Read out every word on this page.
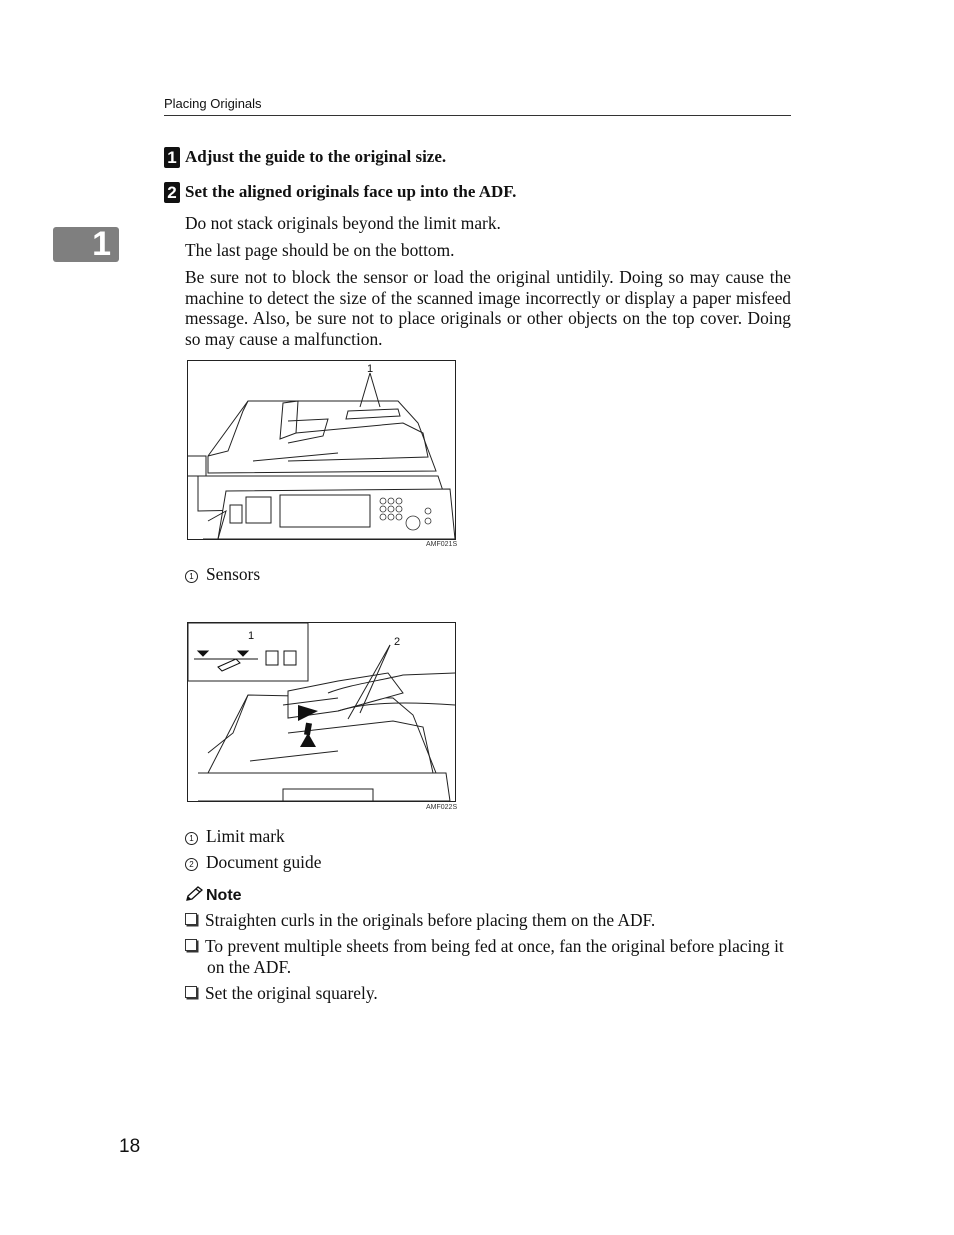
Placing Originals
1
1 Adjust the guide to the original size.
2 Set the aligned originals face up into the ADF.
Do not stack originals beyond the limit mark.
The last page should be on the bottom.
Be sure not to block the sensor or load the original untidily. Doing so may cause the machine to detect the size of the scanned image incorrectly or display a paper misfeed message. Also, be sure not to place originals or other objects on the top cover. Doing so may cause a malfunction.
1
AMF021S
1 Sensors
1	2
AMF022S
1 Limit mark
2 Document guide
Note
Straighten curls in the originals before placing them on the ADF.
To prevent multiple sheets from being fed at once, fan the original before placing it on the ADF.
Set the original squarely.
18
